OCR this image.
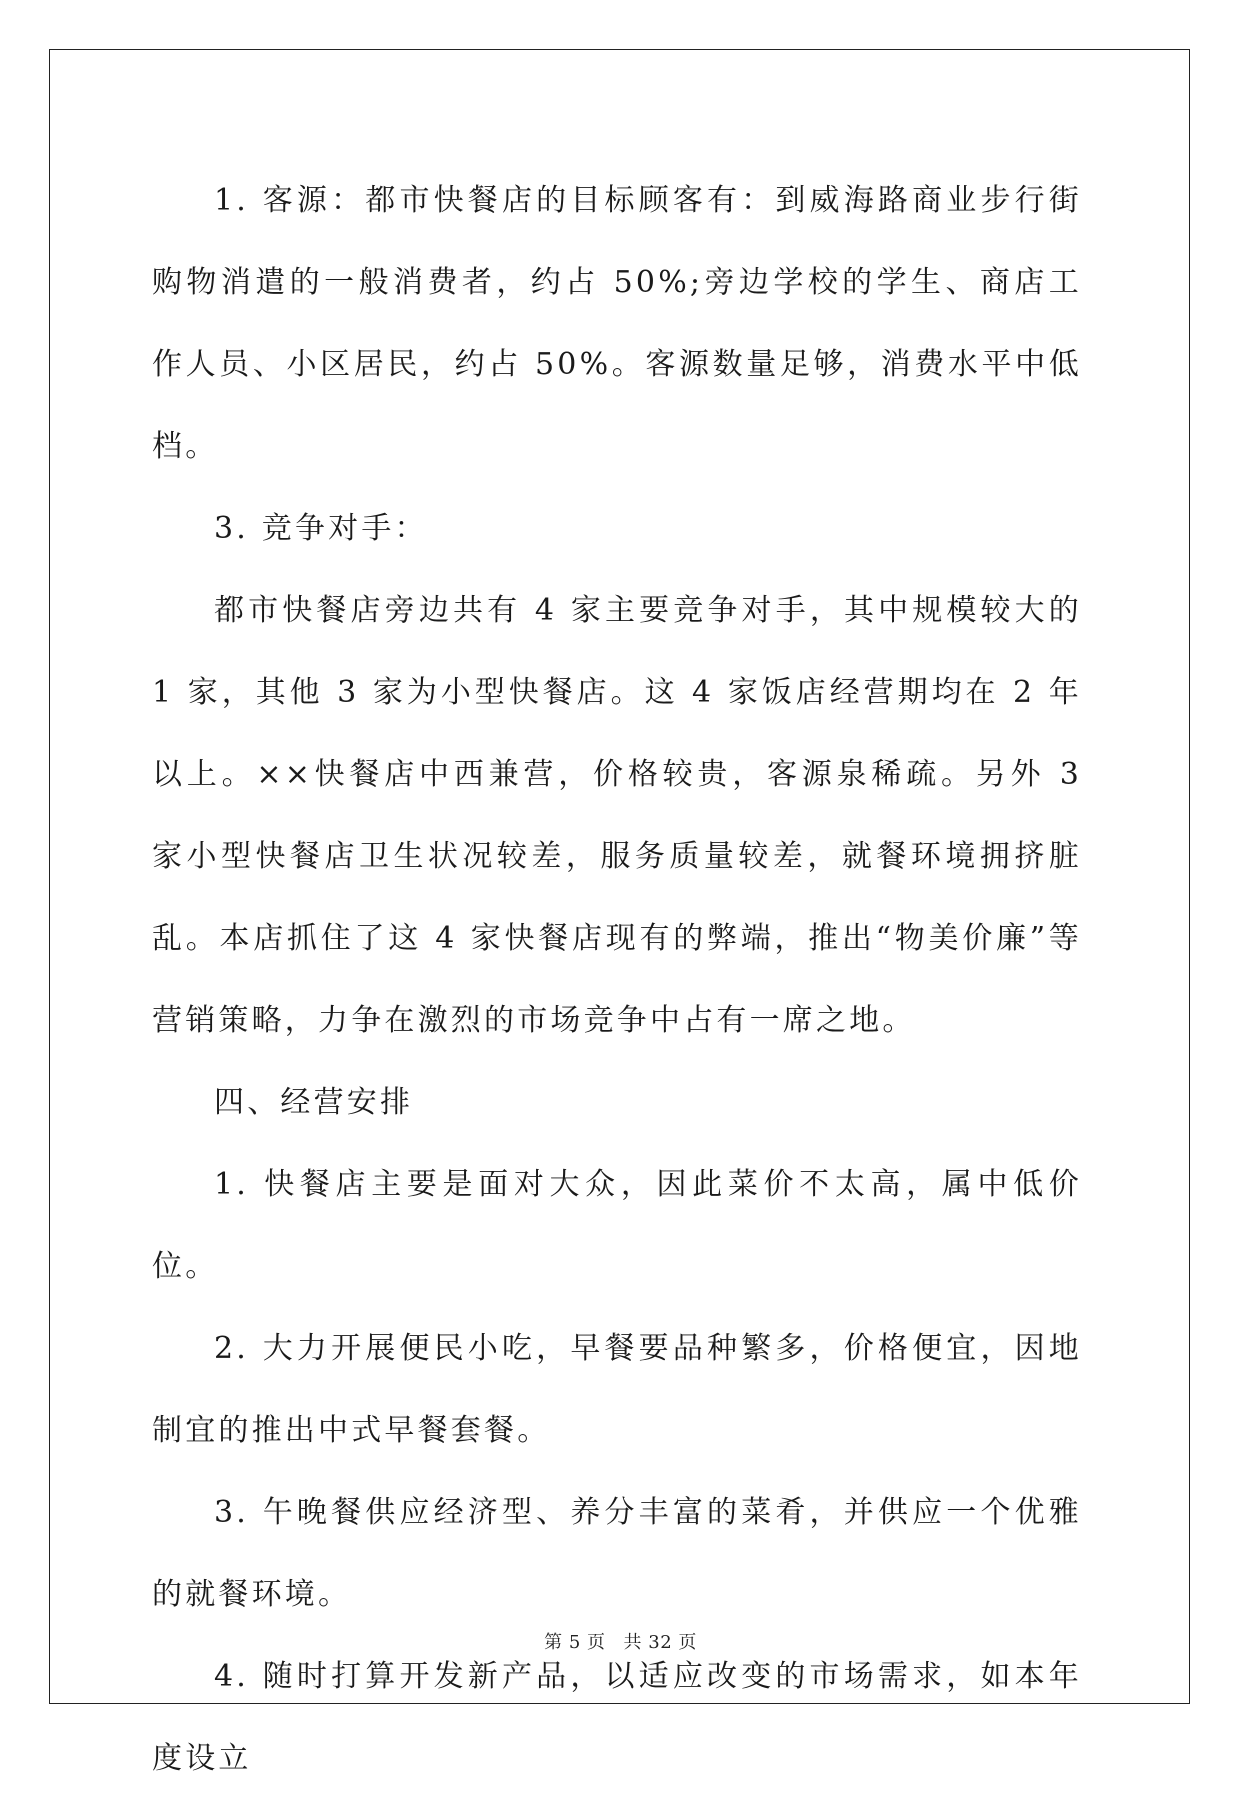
1. 客源：都市快餐店的目标顾客有：到威海路商业步行街购物消遣的一般消费者，约占 50%;旁边学校的学生、商店工作人员、小区居民，约占 50%。客源数量足够，消费水平中低档。

3. 竞争对手：

都市快餐店旁边共有 4 家主要竞争对手，其中规模较大的 1 家，其他 3 家为小型快餐店。这 4 家饭店经营期均在 2 年以上。××快餐店中西兼营，价格较贵，客源泉稀疏。另外 3 家小型快餐店卫生状况较差，服务质量较差，就餐环境拥挤脏乱。本店抓住了这 4 家快餐店现有的弊端，推出“物美价廉”等营销策略，力争在激烈的市场竞争中占有一席之地。

四、经营安排

1. 快餐店主要是面对大众，因此菜价不太高，属中低价位。

2. 大力开展便民小吃，早餐要品种繁多，价格便宜，因地制宜的推出中式早餐套餐。

3. 午晚餐供应经济型、养分丰富的菜肴，并供应一个优雅的就餐环境。

4. 随时打算开发新产品，以适应改变的市场需求，如本年度设立

第 5 页 共 32 页
